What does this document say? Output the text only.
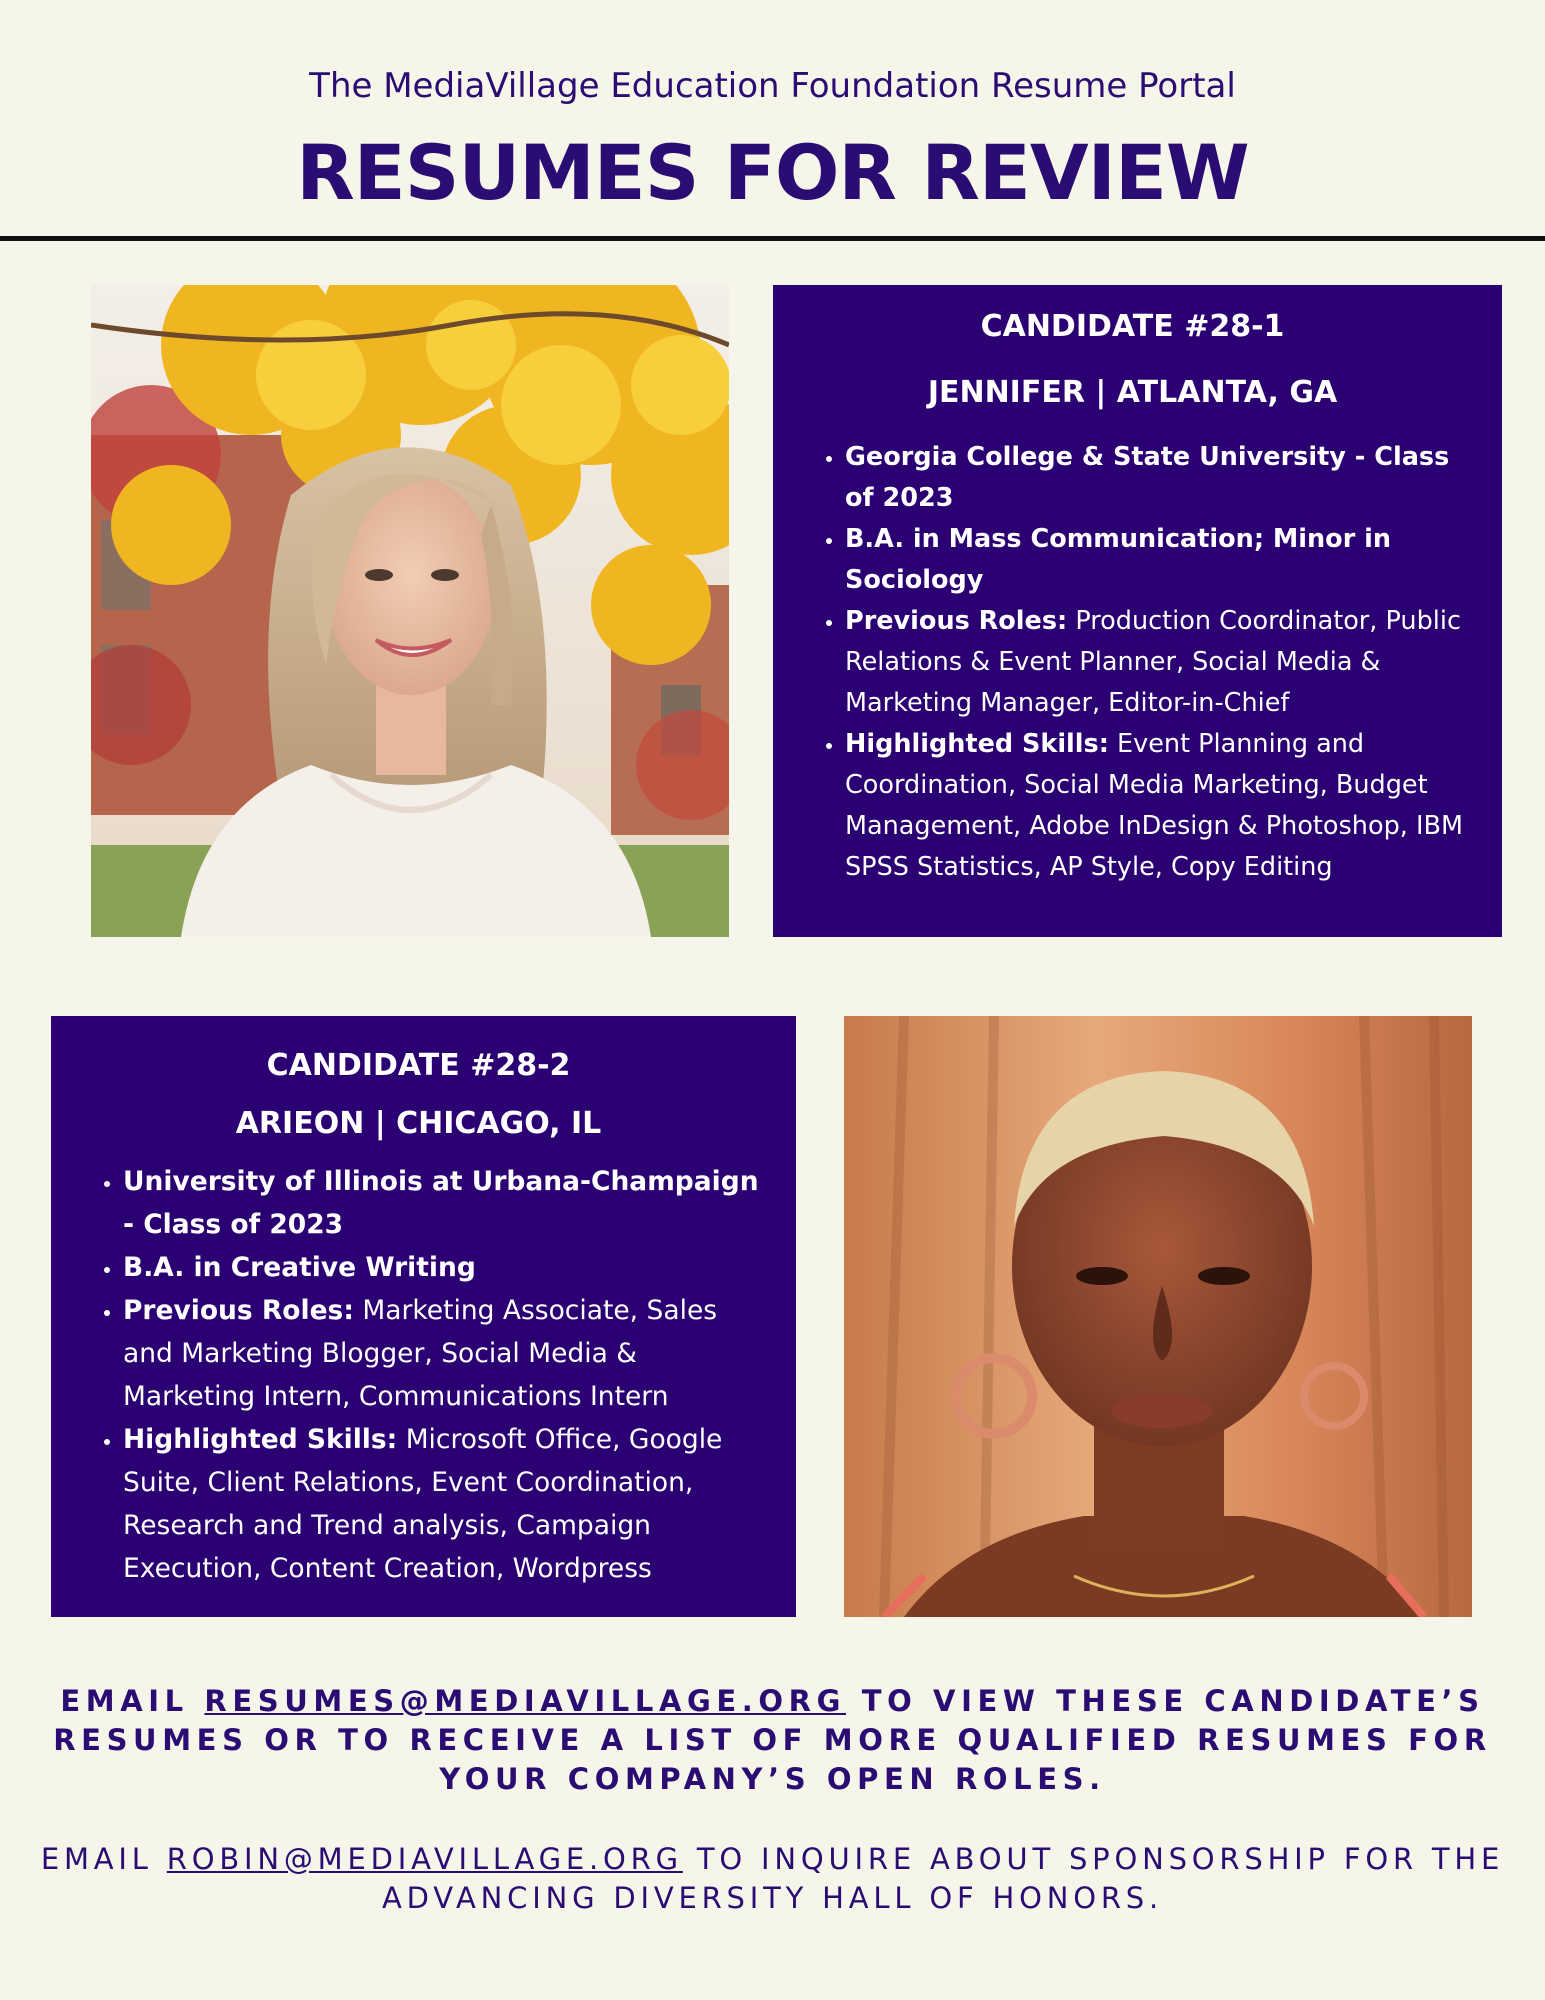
The MediaVillage Education Foundation Resume Portal
RESUMES FOR REVIEW
CANDIDATE #28-1
JENNIFER | ATLANTA, GA
• Georgia College & State University - Class of 2023
• B.A. in Mass Communication; Minor in Sociology
• Previous Roles: Production Coordinator, Public Relations & Event Planner, Social Media & Marketing Manager, Editor-in-Chief
• Highlighted Skills: Event Planning and Coordination, Social Media Marketing, Budget Management, Adobe InDesign & Photoshop, IBM SPSS Statistics, AP Style, Copy Editing
CANDIDATE #28-2
ARIEON | CHICAGO, IL
• University of Illinois at Urbana-Champaign - Class of 2023
• B.A. in Creative Writing
• Previous Roles: Marketing Associate, Sales and Marketing Blogger, Social Media & Marketing Intern, Communications Intern
• Highlighted Skills: Microsoft Office, Google Suite, Client Relations, Event Coordination, Research and Trend analysis, Campaign Execution, Content Creation, Wordpress
EMAIL RESUMES@MEDIAVILLAGE.ORG TO VIEW THESE CANDIDATE’S RESUMES OR TO RECEIVE A LIST OF MORE QUALIFIED RESUMES FOR YOUR COMPANY’S OPEN ROLES.
EMAIL ROBIN@MEDIAVILLAGE.ORG TO INQUIRE ABOUT SPONSORSHIP FOR THE ADVANCING DIVERSITY HALL OF HONORS.
